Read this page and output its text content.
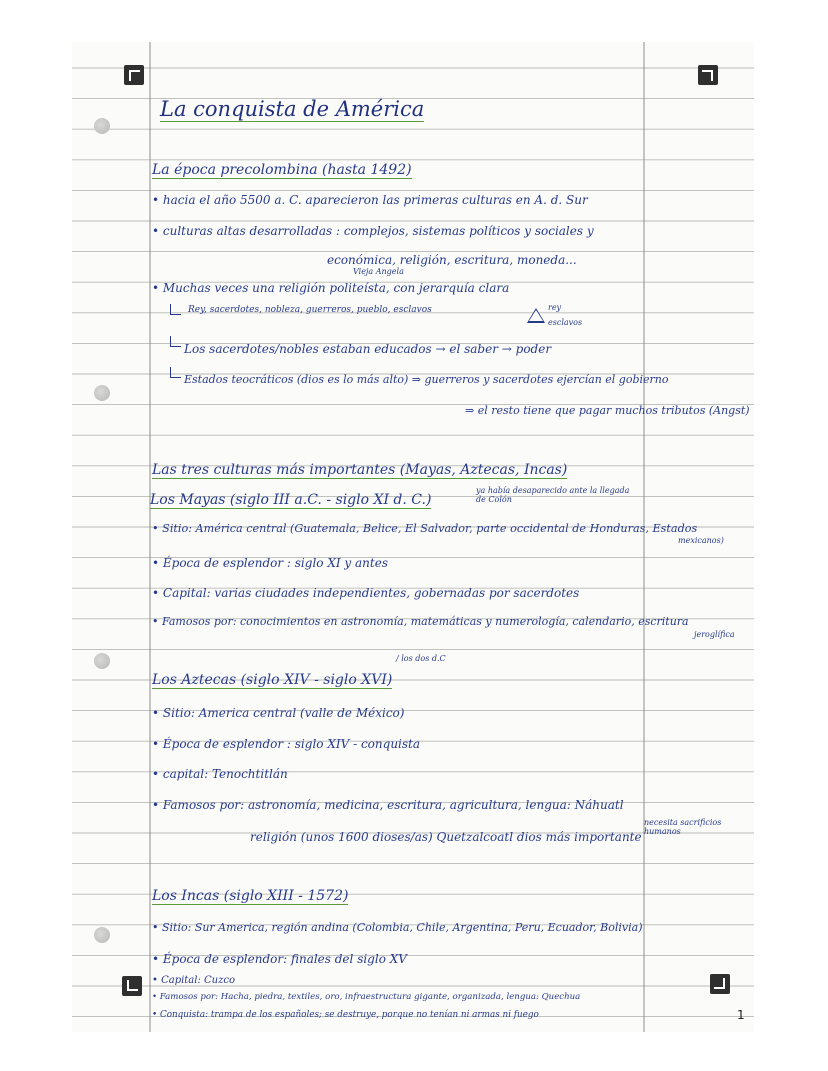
La conquista de América
La época precolombina (hasta 1492)
• hacia el año 5500 a. C. aparecieron las primeras culturas en A. d. Sur
• culturas altas desarrolladas : complejos, sistemas políticos y sociales y
económica, religión, escritura, moneda...
Vieja Angela
• Muchas veces una religión politeísta, con jerarquía clara
Rey, sacerdotes, nobleza, guerreros, pueblo, esclavos	rey
esclavos
Los sacerdotes/nobles estaban educados → el saber → poder
Estados teocráticos (dios es lo más alto) ⇒ guerreros y sacerdotes ejercían el gobierno
⇒ el resto tiene que pagar muchos tributos (Angst)
Las tres culturas más importantes (Mayas, Aztecas, Incas)
Los Mayas (siglo III a.C. - siglo XI d. C.)
ya había desaparecido ante la llegada de Colón
• Sitio: América central (Guatemala, Belice, El Salvador, parte occidental de Honduras, Estados
mexicanos)
• Época de esplendor : siglo XI y antes
• Capital: varias ciudades independientes, gobernadas por sacerdotes
• Famosos por: conocimientos en astronomía, matemáticas y numerología, calendario, escritura
jeroglífica
/ los dos d.C
Los Aztecas (siglo XIV - siglo XVI)
• Sitio: America central (valle de México)
• Época de esplendor : siglo XIV - conquista
• capital: Tenochtitlán
• Famosos por: astronomía, medicina, escritura, agricultura, lengua: Náhuatl
religión (unos 1600 dioses/as) Quetzalcoatl dios más importante
necesita sacrificios humanos
Los Incas (siglo XIII - 1572)
• Sitio: Sur America, región andina (Colombia, Chile, Argentina, Peru, Ecuador, Bolivia)
• Época de esplendor: finales del siglo XV
• Capital: Cuzco
• Famosos por: Hacha, piedra, textiles, oro, infraestructura gigante, organizada, lengua: Quechua
• Conquista: trampa de los españoles; se destruye, porque no tenían ni armas ni fuego	1
